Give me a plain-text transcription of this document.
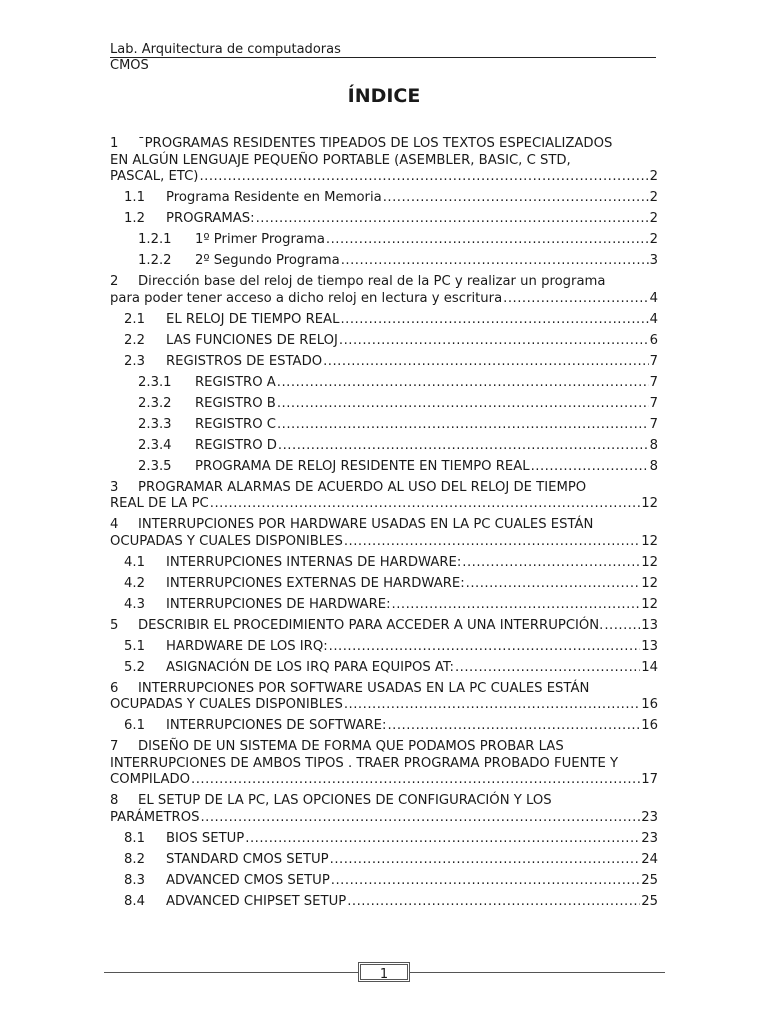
Lab. Arquitectura de computadoras
CMOS
ÍNDICE
1	¯PROGRAMAS RESIDENTES TIPEADOS DE LOS TEXTOS ESPECIALIZADOS
EN ALGÚN LENGUAJE PEQUEÑO PORTABLE (ASEMBLER, BASIC, C STD,
PASCAL, ETC) .....	2
1.1	Programa Residente en Memoria .....	2
1.2	PROGRAMAS: .....	2
1.2.1	1º Primer Programa .....	2
1.2.2	2º Segundo Programa .....	3
2	Dirección base del reloj de tiempo real de la PC y realizar un programa
para poder tener acceso a dicho reloj en lectura y escritura .....	4
2.1	EL RELOJ DE TIEMPO REAL .....	4
2.2	LAS FUNCIONES DE RELOJ .....	6
2.3	REGISTROS DE ESTADO .....	7
2.3.1	REGISTRO A .....	7
2.3.2	REGISTRO B .....	7
2.3.3	REGISTRO C .....	7
2.3.4	REGISTRO D .....	8
2.3.5	PROGRAMA DE RELOJ RESIDENTE EN TIEMPO REAL .....	8
3	PROGRAMAR ALARMAS DE ACUERDO AL USO DEL RELOJ DE TIEMPO
REAL DE LA PC .....	12
4	INTERRUPCIONES POR HARDWARE USADAS EN LA PC CUALES ESTÁN
OCUPADAS Y CUALES DISPONIBLES .....	12
4.1	INTERRUPCIONES INTERNAS DE HARDWARE: .....	12
4.2	INTERRUPCIONES EXTERNAS DE HARDWARE: .....	12
4.3	INTERRUPCIONES DE HARDWARE: .....	12
5	DESCRIBIR EL PROCEDIMIENTO PARA ACCEDER A UNA INTERRUPCIÓN. .....	13
5.1	HARDWARE DE LOS IRQ: .....	13
5.2	ASIGNACIÓN DE LOS IRQ PARA EQUIPOS AT: .....	14
6	INTERRUPCIONES POR SOFTWARE USADAS EN LA PC CUALES ESTÁN
OCUPADAS Y CUALES DISPONIBLES .....	16
6.1	INTERRUPCIONES DE SOFTWARE: .....	16
7	DISEÑO DE UN SISTEMA DE FORMA QUE PODAMOS PROBAR LAS
INTERRUPCIONES DE AMBOS TIPOS . TRAER PROGRAMA PROBADO FUENTE Y
COMPILADO .....	17
8	EL SETUP DE LA PC, LAS OPCIONES DE CONFIGURACIÓN Y LOS
PARÁMETROS .....	23
8.1	BIOS SETUP .....	23
8.2	STANDARD CMOS SETUP .....	24
8.3	ADVANCED CMOS SETUP .....	25
8.4	ADVANCED CHIPSET SETUP .....	25
1
